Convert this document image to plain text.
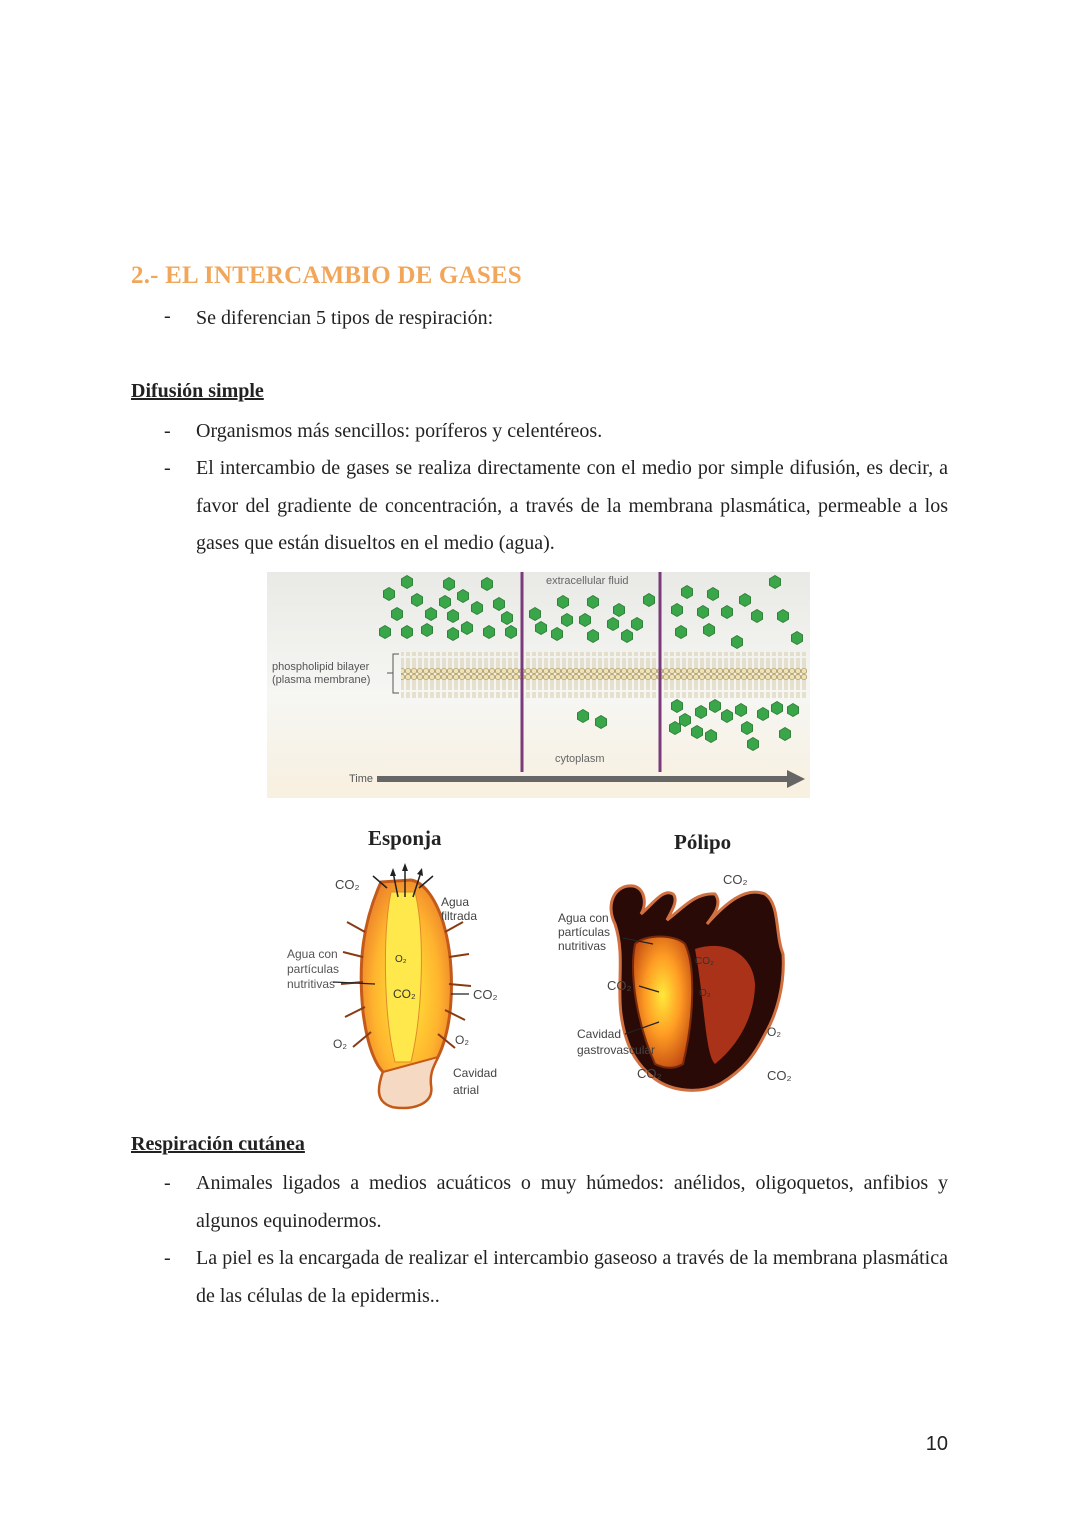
2.- EL INTERCAMBIO DE GASES
- Se diferencian 5 tipos de respiración:
Difusión simple
- Organismos más sencillos: poríferos y celentéreos.
- El intercambio de gases se realiza directamente con el medio por simple difusión, es decir, a favor del gradiente de concentración, a través de la membrana plasmática, permeable a los gases que están disueltos en el medio (agua).
phospholipid bilayer
(plasma membrane)
extracellular fluid
cytoplasm
Time
Esponja
CO₂
Agua
filtrada
Agua con
partículas
nutritivas
CO₂	CO₂
O₂	O₂
O₂
Cavidad
atrial
Pólipo
Agua con
partículas
nutritivas
CO₂
CO₂
CO₂
O₂
O₂
Cavidad
gastrovascular
CO₂	CO₂
Respiración cutánea
- Animales ligados a medios acuáticos o muy húmedos: anélidos, oligoquetos, anfibios y algunos equinodermos.
- La piel es la encargada de realizar el intercambio gaseoso a través de la membrana plasmática de las células de la epidermis..
10
